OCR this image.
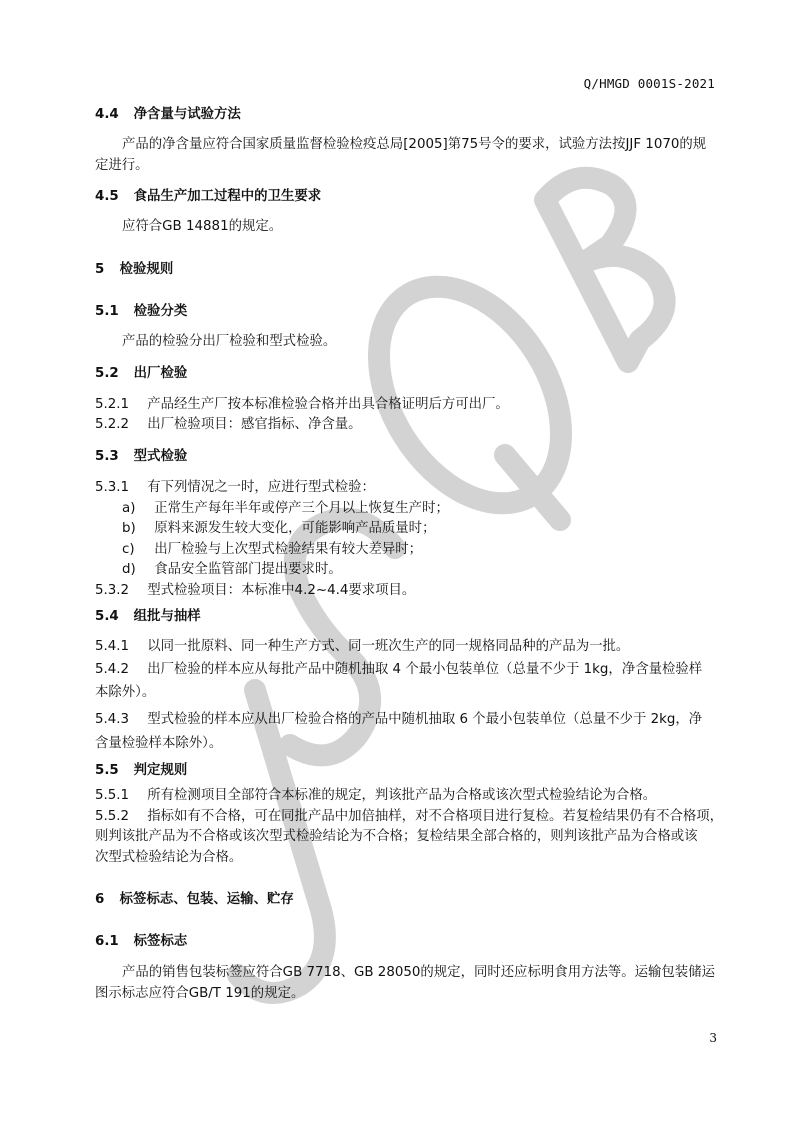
Q/HMGD 0001S-2021
4.4 净含量与试验方法
产品的净含量应符合国家质量监督检验检疫总局[2005]第75号令的要求，试验方法按JJF 1070的规
定进行。
4.5 食品生产加工过程中的卫生要求
应符合GB 14881的规定。
5 检验规则
5.1 检验分类
产品的检验分出厂检验和型式检验。
5.2 出厂检验
5.2.1 产品经生产厂按本标准检验合格并出具合格证明后方可出厂。
5.2.2 出厂检验项目：感官指标、净含量。
5.3 型式检验
5.3.1 有下列情况之一时，应进行型式检验：
a) 正常生产每年半年或停产三个月以上恢复生产时；
b) 原料来源发生较大变化，可能影响产品质量时；
c) 出厂检验与上次型式检验结果有较大差异时；
d) 食品安全监管部门提出要求时。
5.3.2 型式检验项目：本标准中4.2~4.4要求项目。
5.4 组批与抽样
5.4.1 以同一批原料、同一种生产方式、同一班次生产的同一规格同品种的产品为一批。
5.4.2 出厂检验的样本应从每批产品中随机抽取 4 个最小包装单位（总量不少于 1kg，净含量检验样
本除外）。
5.4.3 型式检验的样本应从出厂检验合格的产品中随机抽取 6 个最小包装单位（总量不少于 2kg，净
含量检验样本除外）。
5.5 判定规则
5.5.1 所有检测项目全部符合本标准的规定，判该批产品为合格或该次型式检验结论为合格。
5.5.2 指标如有不合格，可在同批产品中加倍抽样，对不合格项目进行复检。若复检结果仍有不合格项，
则判该批产品为不合格或该次型式检验结论为不合格；复检结果全部合格的，则判该批产品为合格或该
次型式检验结论为合格。
6 标签标志、包装、运输、贮存
6.1 标签标志
产品的销售包装标签应符合GB 7718、GB 28050的规定，同时还应标明食用方法等。运输包装储运
图示标志应符合GB/T 191的规定。
3
